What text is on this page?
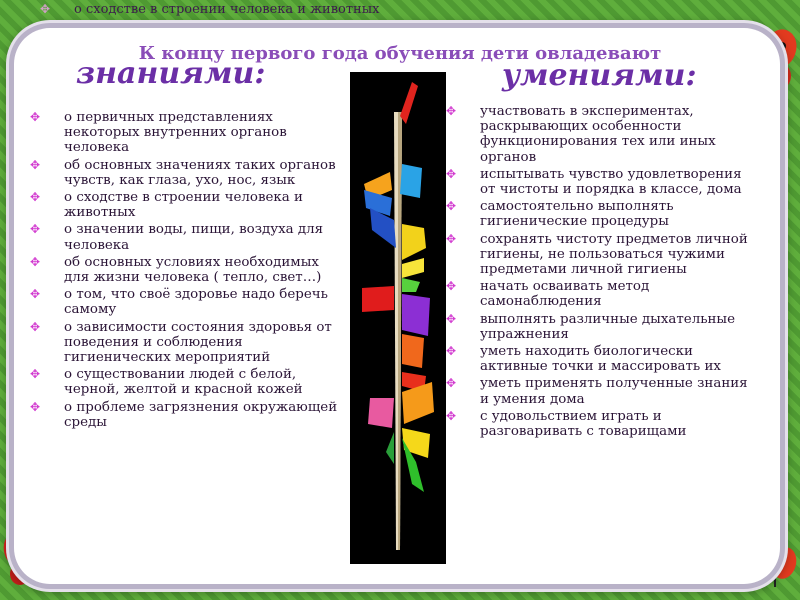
✥ о сходстве в строении человека и животных
К концу первого года обучения дети овладевают
знаниями:	умениями:
✥	о первичных представлениях некоторых внутренних органов человека
✥	об основных значениях таких органов чувств, как глаза, ухо, нос, язык
✥	о сходстве в строении человека и животных
✥	о значении воды, пищи, воздуха для человека
✥	об основных условиях необходимых для жизни человека ( тепло, свет…)
✥	о том, что своё здоровье надо беречь самому
✥	о зависимости состояния здоровья от поведения и соблюдения гигиенических мероприятий
✥	о существовании людей с белой, черной, желтой и красной кожей
✥	о проблеме загрязнения окружающей среды
✥	участвовать в экспериментах, раскрывающих особенности функционирования тех или иных органов
✥	испытывать чувство удовлетворения от чистоты и порядка в классе, дома
✥	самостоятельно выполнять гигиенические процедуры
✥	сохранять чистоту предметов личной гигиены, не пользоваться чужими предметами личной гигиены
✥	начать осваивать метод самонаблюдения
✥	выполнять различные дыхательные упражнения
✥	уметь находить биологически активные точки и массировать их
✥	уметь применять полученные знания и умения дома
✥	с удовольствием играть и разговаривать с товарищами
